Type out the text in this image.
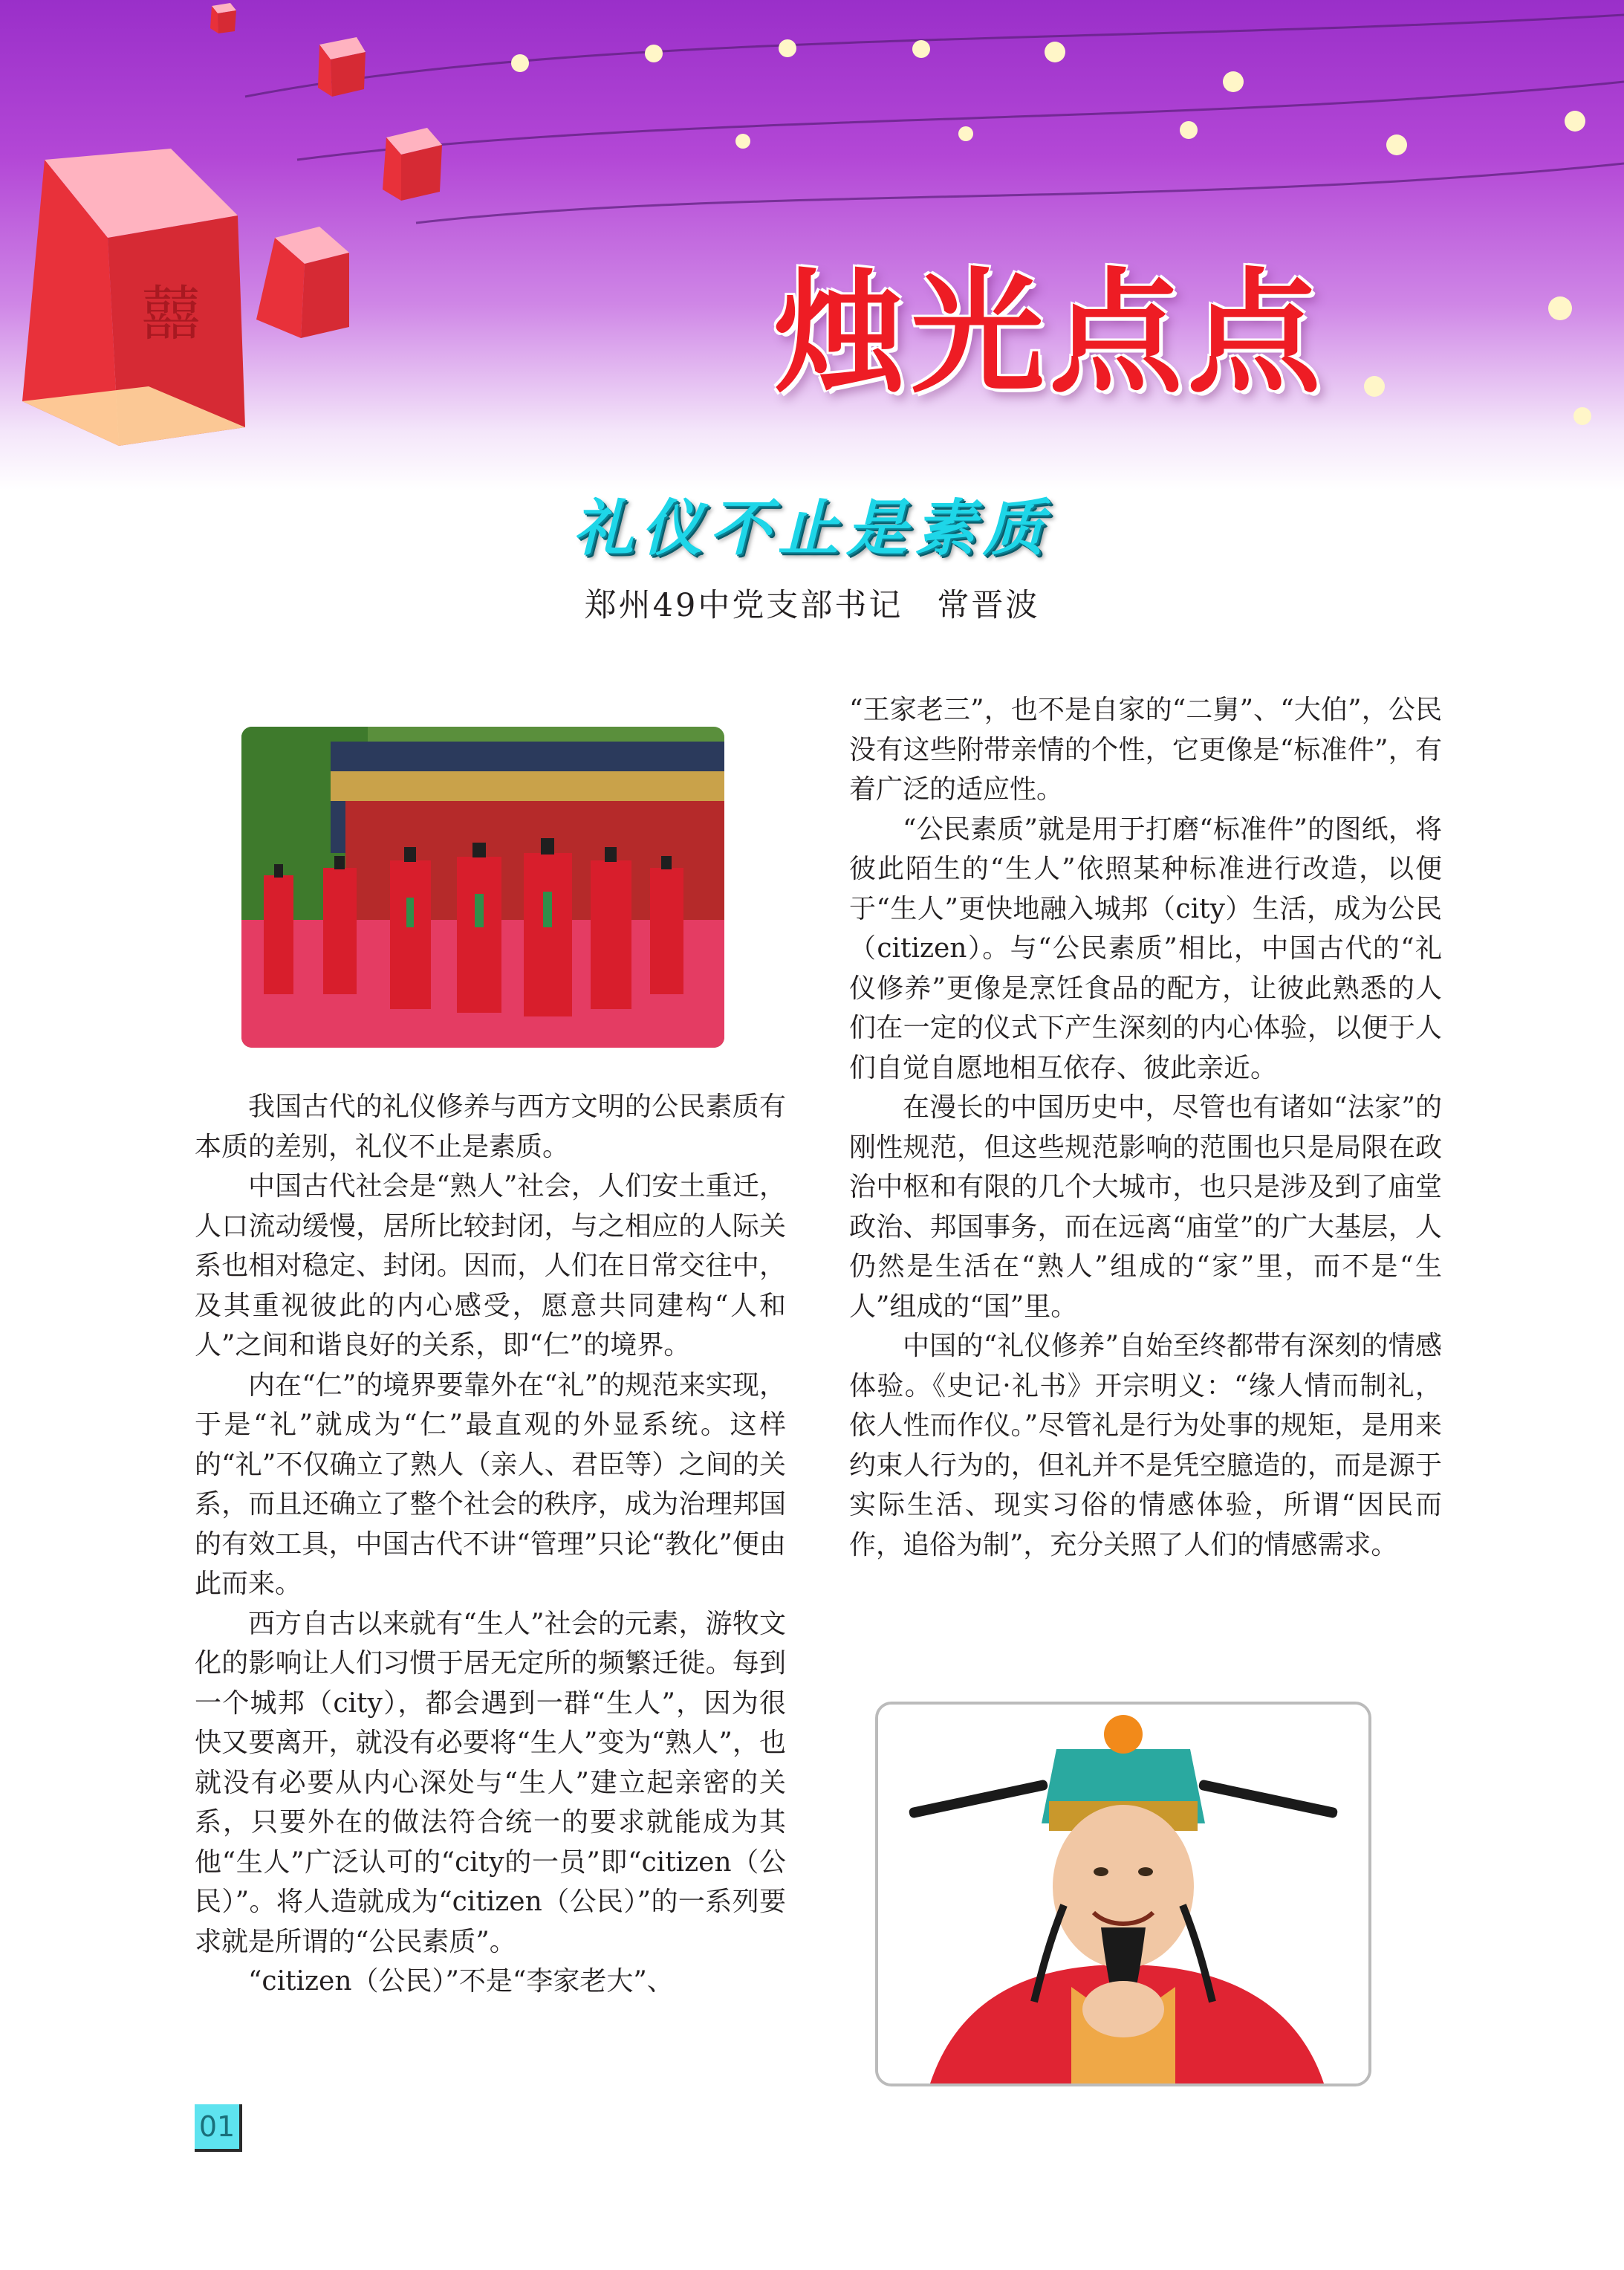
囍	烛光点点
礼仪不止是素质

郑州49中党支部书记　常晋波

我国古代的礼仪修养与西方文明的公民素质有本质的差别，礼仪不止是素质。

中国古代社会是“熟人”社会，人们安土重迁，人口流动缓慢，居所比较封闭，与之相应的人际关系也相对稳定、封闭。因而，人们在日常交往中，及其重视彼此的内心感受，愿意共同建构“人和人”之间和谐良好的关系，即“仁”的境界。

内在“仁”的境界要靠外在“礼”的规范来实现，于是“礼”就成为“仁”最直观的外显系统。这样的“礼”不仅确立了熟人（亲人、君臣等）之间的关系，而且还确立了整个社会的秩序，成为治理邦国的有效工具，中国古代不讲“管理”只论“教化”便由此而来。

西方自古以来就有“生人”社会的元素，游牧文化的影响让人们习惯于居无定所的频繁迁徙。每到一个城邦（city），都会遇到一群“生人”，因为很快又要离开，就没有必要将“生人”变为“熟人”，也就没有必要从内心深处与“生人”建立起亲密的关系，只要外在的做法符合统一的要求就能成为其他“生人”广泛认可的“city的一员”即“citizen（公民）”。将人造就成为“citizen（公民）”的一系列要求就是所谓的“公民素质”。

“citizen（公民）”不是“李家老大”、

“王家老三”，也不是自家的“二舅”、“大伯”，公民没有这些附带亲情的个性，它更像是“标准件”，有着广泛的适应性。

“公民素质”就是用于打磨“标准件”的图纸，将彼此陌生的“生人”依照某种标准进行改造，以便于“生人”更快地融入城邦（city）生活，成为公民（citizen）。与“公民素质”相比，中国古代的“礼仪修养”更像是烹饪食品的配方，让彼此熟悉的人们在一定的仪式下产生深刻的内心体验，以便于人们自觉自愿地相互依存、彼此亲近。

在漫长的中国历史中，尽管也有诸如“法家”的刚性规范，但这些规范影响的范围也只是局限在政治中枢和有限的几个大城市，也只是涉及到了庙堂政治、邦国事务，而在远离“庙堂”的广大基层，人仍然是生活在“熟人”组成的“家”里，而不是“生人”组成的“国”里。

中国的“礼仪修养”自始至终都带有深刻的情感体验。《史记·礼书》开宗明义：“缘人情而制礼，依人性而作仪。”尽管礼是行为处事的规矩，是用来约束人行为的，但礼并不是凭空臆造的，而是源于实际生活、现实习俗的情感体验，所谓“因民而作，追俗为制”，充分关照了人们的情感需求。

01
